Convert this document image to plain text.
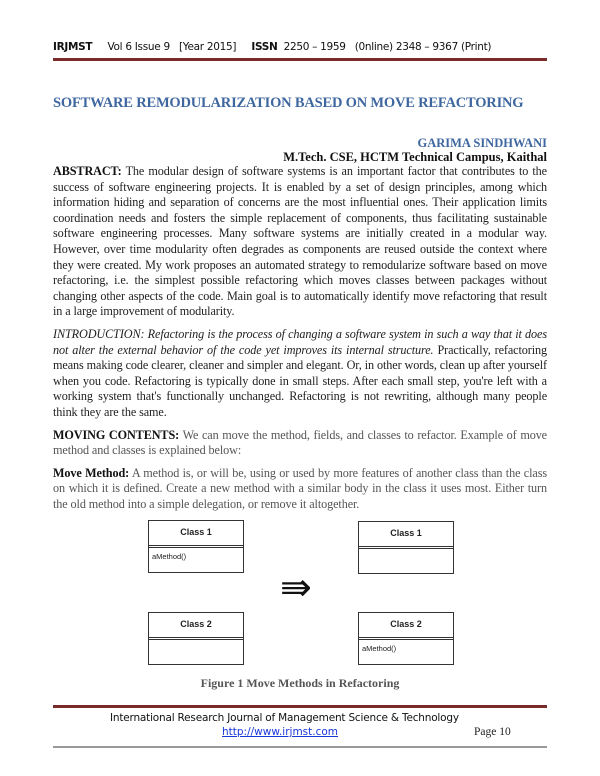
IRJMST Vol 6 Issue 9 [Year 2015] ISSN 2250 – 1959   (0nline) 2348 – 9367 (Print)
SOFTWARE REMODULARIZATION BASED ON MOVE REFACTORING
GARIMA SINDHWANI
M.Tech. CSE, HCTM Technical Campus, Kaithal

ABSTRACT: The modular design of software systems is an important factor that contributes to the success of software engineering projects. It is enabled by a set of design principles, among which information hiding and separation of concerns are the most influential ones. Their application limits coordination needs and fosters the simple replacement of components, thus facilitating sustainable software engineering processes. Many software systems are initially created in a modular way. However, over time modularity often degrades as components are reused outside the context where they were created. My work proposes an automated strategy to remodularize software based on move refactoring, i.e. the simplest possible refactoring which moves classes between packages without changing other aspects of the code. Main goal is to automatically identify move refactoring that result in a large improvement of modularity.

INTRODUCTION: Refactoring is the process of changing a software system in such a way that it does not alter the external behavior of the code yet improves its internal structure. Practically, refactoring means making code clearer, cleaner and simpler and elegant. Or, in other words, clean up after yourself when you code. Refactoring is typically done in small steps. After each small step, you're left with a working system that's functionally unchanged. Refactoring is not rewriting, although many people think they are the same.

MOVING CONTENTS: We can move the method, fields, and classes to refactor. Example of move method and classes is explained below:

Move Method: A method is, or will be, using or used by more features of another class than the class on which it is defined. Create a new method with a similar body in the class it uses most. Either turn the old method into a simple delegation, or remove it altogether.

Class 1
aMethod()
Class 2
⇛
Class 1
Class 2
aMethod()
Figure 1 Move Methods in Refactoring
International Research Journal of Management Science & Technology
http://www.irjmst.com	Page 10
